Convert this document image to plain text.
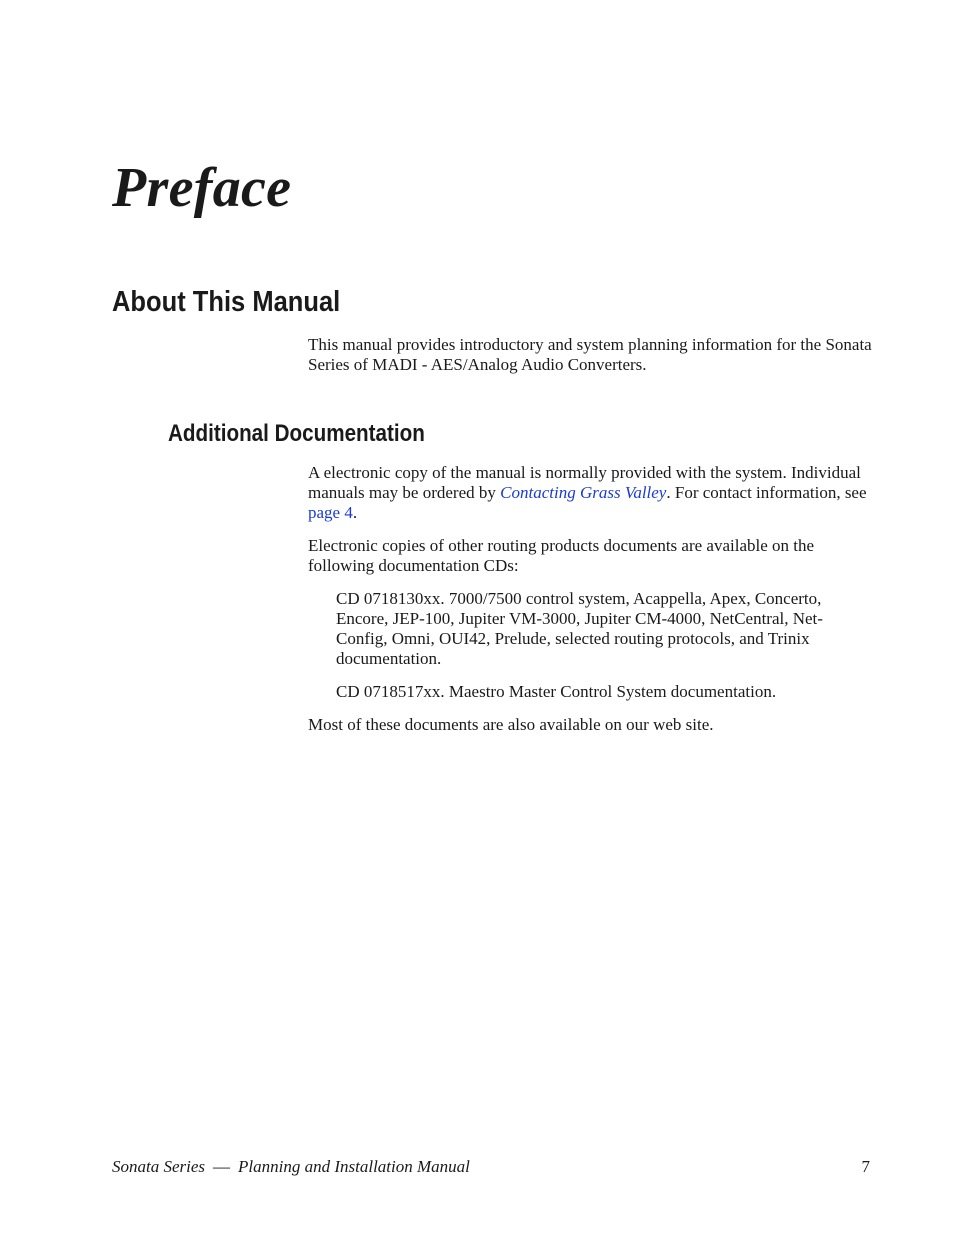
Preface
About This Manual

This manual provides introductory and system planning information for the Sonata Series of MADI - AES/Analog Audio Converters.

Additional Documentation

A electronic copy of the manual is normally provided with the system. Individual manuals may be ordered by Contacting Grass Valley. For contact information, see page 4.

Electronic copies of other routing products documents are available on the following documentation CDs:

CD 0718130xx. 7000/7500 control system, Acappella, Apex, Concerto, Encore, JEP-100, Jupiter VM-3000, Jupiter CM-4000, NetCentral, Net-Config, Omni, OUI42, Prelude, selected routing protocols, and Trinix documentation.

CD 0718517xx. Maestro Master Control System documentation.

Most of these documents are also available on our web site.

Sonata Series — Planning and Installation Manual	7
